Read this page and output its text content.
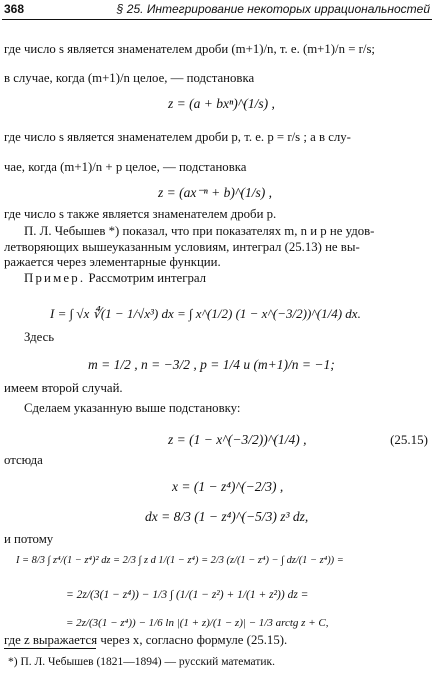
368	§ 25. Интегрирование некоторых иррациональностей
где число s является знаменателем дроби (m+1)/n, т. е. (m+1)/n = r/s;
в случае, когда (m+1)/n целое, — подстановка
z = (a + bxⁿ)^(1/s) ,
где число s является знаменателем дроби p, т. е. p = r/s ; а в слу-
чае, когда (m+1)/n + p целое, — подстановка
z = (ax⁻ⁿ + b)^(1/s) ,
где число s также является знаменателем дроби p.
П. Л. Чебышев *) показал, что при показателях m, n и p не удов-
летворяющих вышеуказанным условиям, интеграл (25.13) не вы-
ражается через элементарные функции.
Пример. Рассмотрим интеграл
I = ∫ √x ∜(1 − 1/√x³) dx = ∫ x^(1/2) (1 − x^(−3/2))^(1/4) dx.
Здесь
m = 1/2 , n = −3/2 , p = 1/4 и (m+1)/n = −1;
имеем второй случай.
Сделаем указанную выше подстановку:
z = (1 − x^(−3/2))^(1/4) ,	(25.15)
отсюда
x = (1 − z⁴)^(−2/3) ,
dx = 8/3 (1 − z⁴)^(−5/3) z³ dz,
и потому
I = 8/3 ∫ z⁴/(1 − z⁴)² dz = 2/3 ∫ z d 1/(1 − z⁴) = 2/3 (z/(1 − z⁴) − ∫ dz/(1 − z⁴)) =
= 2z/(3(1 − z⁴)) − 1/3 ∫ (1/(1 − z²) + 1/(1 + z²)) dz =
= 2z/(3(1 − z⁴)) − 1/6 ln |(1 + z)/(1 − z)| − 1/3 arctg z + C,
где z выражается через x, согласно формуле (25.15).
*) П. Л. Чебышев (1821—1894) — русский математик.
